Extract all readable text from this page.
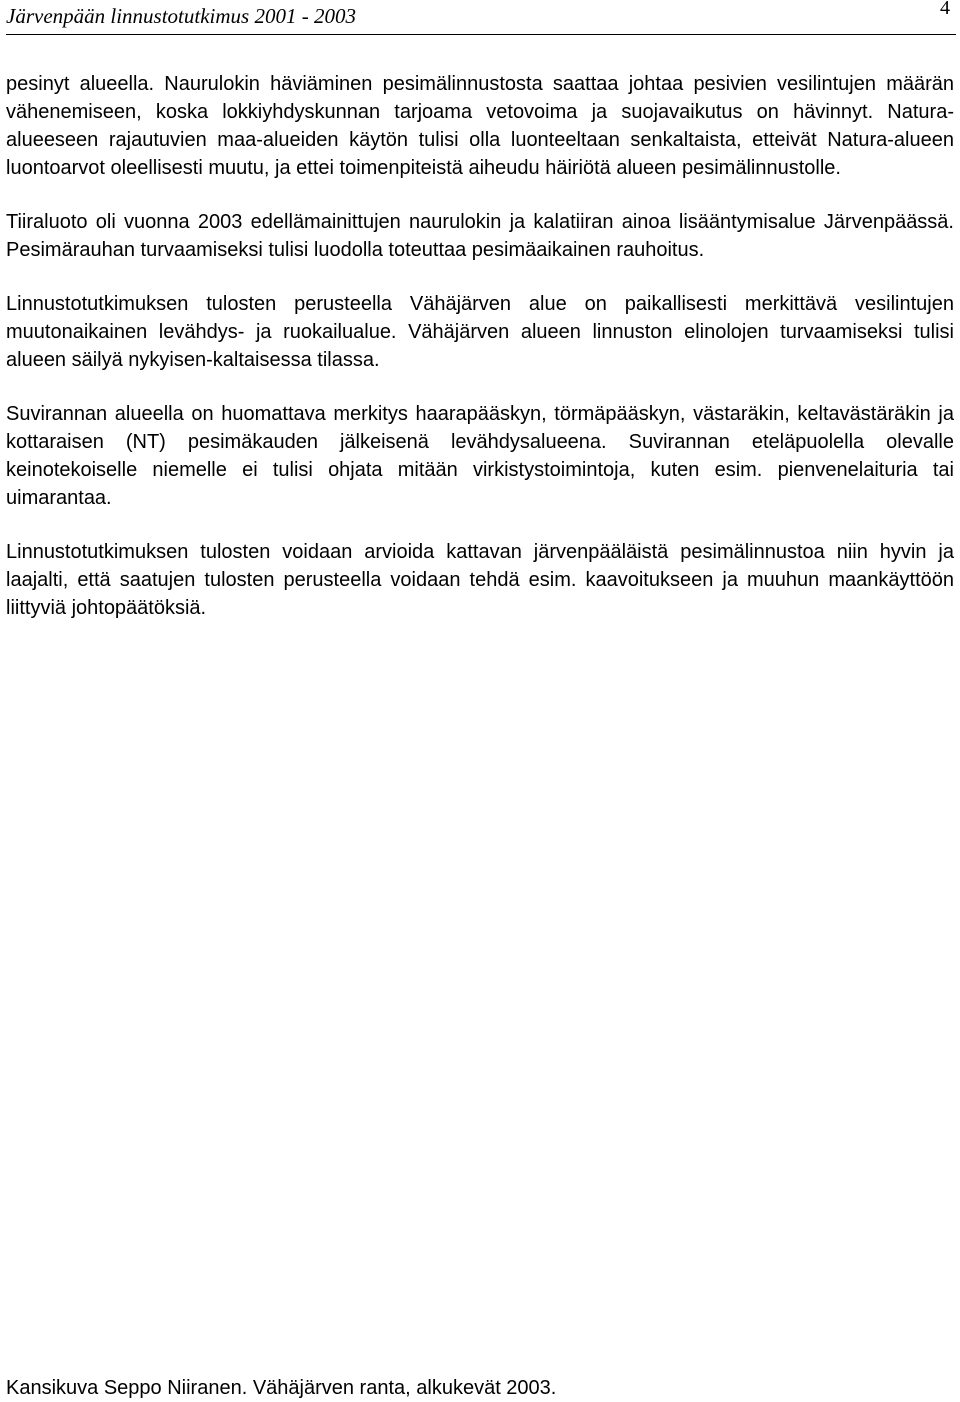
Järvenpään linnustotutkimus 2001 - 2003	4

pesinyt alueella. Naurulokin häviäminen pesimälinnustosta saattaa johtaa pesivien vesilintujen määrän vähenemiseen, koska lokkiyhdyskunnan tarjoama vetovoima ja suojavaikutus on hävinnyt. Natura-alueeseen rajautuvien maa-alueiden käytön tulisi olla luonteeltaan senkaltaista, etteivät Natura-alueen luontoarvot oleellisesti muutu, ja ettei toimenpiteistä aiheudu häiriötä alueen pesimälinnustolle.

Tiiraluoto oli vuonna 2003 edellämainittujen naurulokin ja kalatiiran ainoa lisääntymisalue Järvenpäässä. Pesimärauhan turvaamiseksi tulisi luodolla toteuttaa pesimäaikainen rauhoitus.

Linnustotutkimuksen tulosten perusteella Vähäjärven alue on paikallisesti merkittävä vesilintujen muutonaikainen levähdys- ja ruokailualue. Vähäjärven alueen linnuston elinolojen turvaamiseksi tulisi alueen säilyä nykyisen-kaltaisessa tilassa.

Suvirannan alueella on huomattava merkitys haarapääskyn, törmäpääskyn, västaräkin, keltavästäräkin ja kottaraisen (NT) pesimäkauden jälkeisenä levähdysalueena. Suvirannan eteläpuolella olevalle keinotekoiselle niemelle ei tulisi ohjata mitään virkistystoimintoja, kuten esim. pienvenelaituria tai uimarantaa.

Linnustotutkimuksen tulosten voidaan arvioida kattavan järvenpääläistä pesimälinnustoa niin hyvin ja laajalti, että saatujen tulosten perusteella voidaan tehdä esim. kaavoitukseen ja muuhun maankäyttöön liittyviä johtopäätöksiä.

Kansikuva Seppo Niiranen. Vähäjärven ranta, alkukevät 2003.
